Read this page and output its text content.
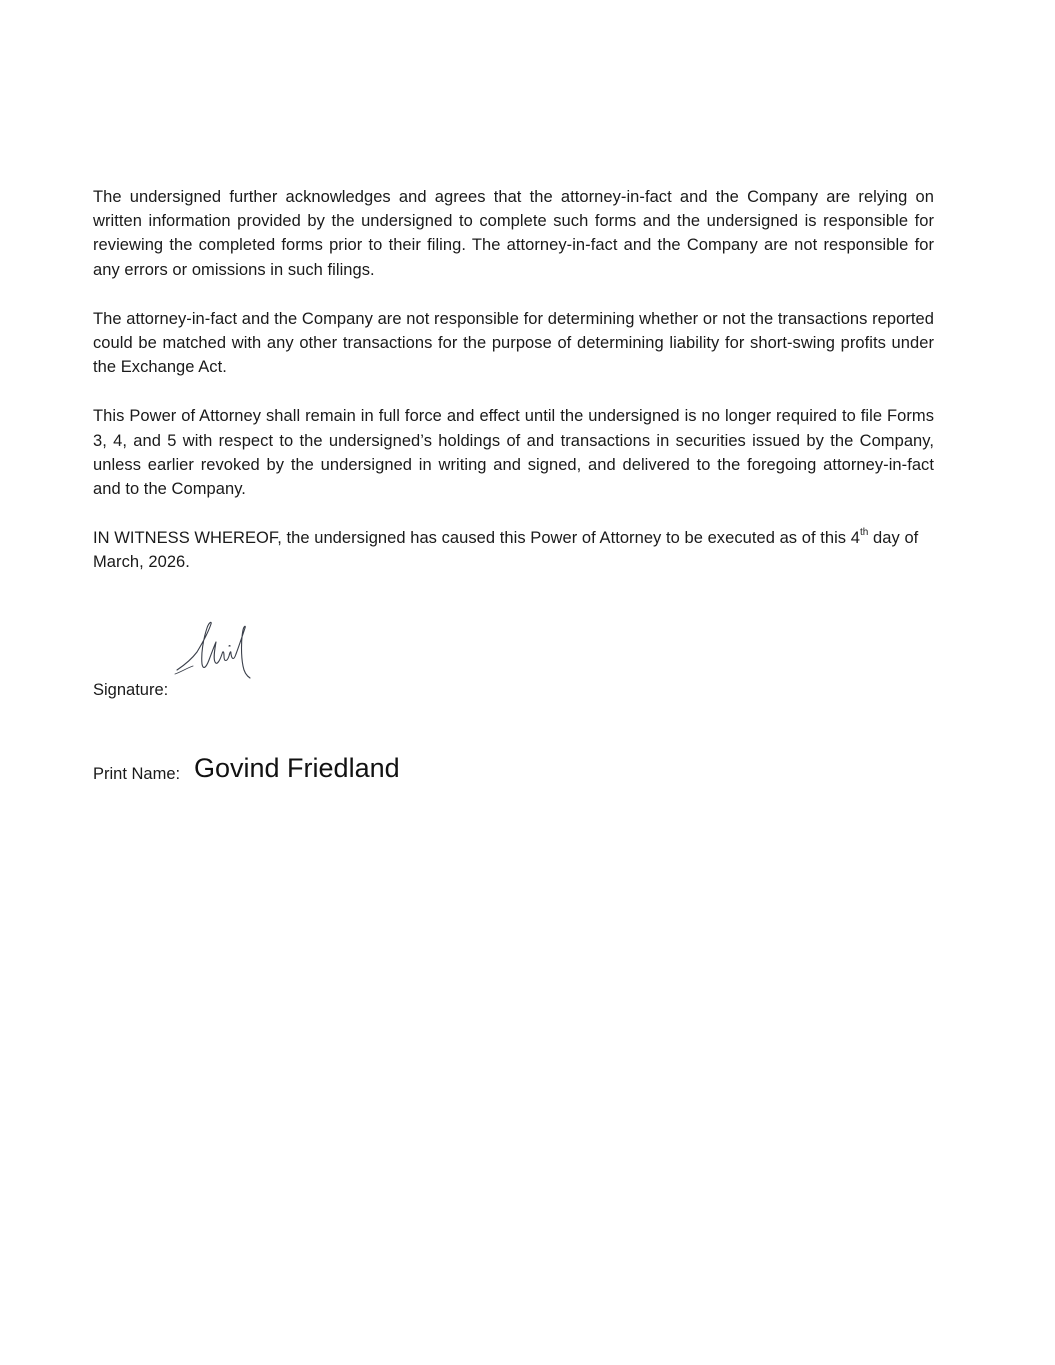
The undersigned further acknowledges and agrees that the attorney-in-fact and the Company are relying on written information provided by the undersigned to complete such forms and the undersigned is responsible for reviewing the completed forms prior to their filing. The attorney-in-fact and the Company are not responsible for any errors or omissions in such filings.

The attorney-in-fact and the Company are not responsible for determining whether or not the transactions reported could be matched with any other transactions for the purpose of determining liability for short-swing profits under the Exchange Act.

This Power of Attorney shall remain in full force and effect until the undersigned is no longer required to file Forms 3, 4, and 5 with respect to the undersigned’s holdings of and transactions in securities issued by the Company, unless earlier revoked by the undersigned in writing and signed, and delivered to the foregoing attorney-in-fact and to the Company.

IN WITNESS WHEREOF, the undersigned has caused this Power of Attorney to be executed as of this 4th day of March, 2026.

Signature:
Print Name: Govind Friedland
